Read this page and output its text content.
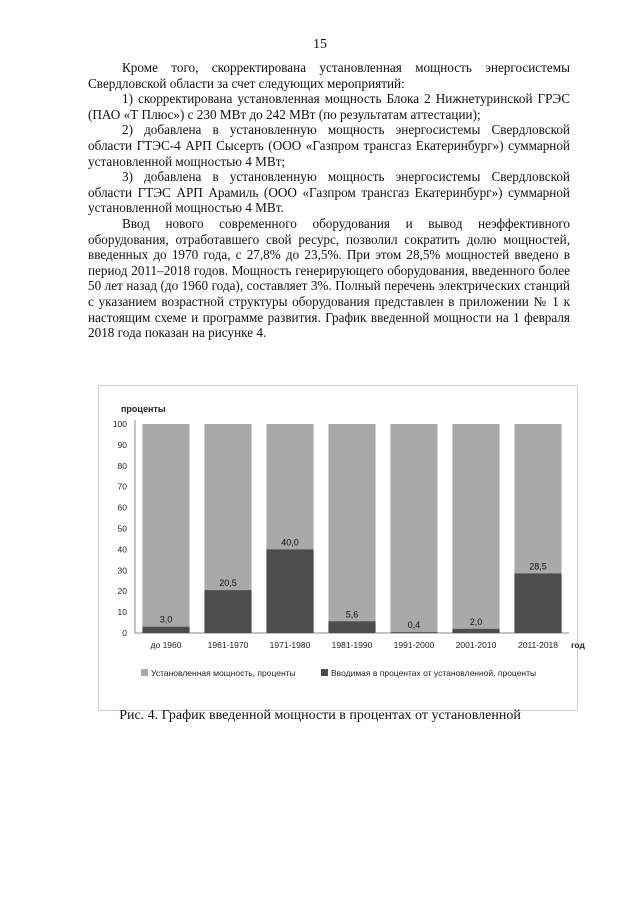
15

Кроме того, скорректирована установленная мощность энергосистемы Свердловской области за счет следующих мероприятий:

1) скорректирована установленная мощность Блока 2 Нижнетуринской ГРЭС (ПАО «Т Плюс») с 230 МВт до 242 МВт (по результатам аттестации);

2) добавлена в установленную мощность энергосистемы Свердловской области ГТЭС-4 АРП Сысерть (ООО «Газпром трансгаз Екатеринбург») суммарной установленной мощностью 4 МВт;

3) добавлена в установленную мощность энергосистемы Свердловской области ГТЭС АРП Арамиль (ООО «Газпром трансгаз Екатеринбург») суммарной установленной мощностью 4 МВт.

Ввод нового современного оборудования и вывод неэффективного оборудования, отработавшего свой ресурс, позволил сократить долю мощностей, введенных до 1970 года, с 27,8% до 23,5%. При этом 28,5% мощностей введено в период 2011–2018 годов. Мощность генерирующего оборудования, введенного более 50 лет назад (до 1960 года), составляет 3%. Полный перечень электрических станций с указанием возрастной структуры оборудования представлен в приложении № 1 к настоящим схеме и программе развития. График введенной мощности на 1 февраля 2018 года показан на рисунке 4.

проценты
0
10
20
30
40
50
60
70
80
90
100
3,0
до 1960
20,5
1961-1970
40,0
1971-1980
5,6
1981-1990
0,4
1991-2000
2,0
2001-2010
28,5
2011-2018 год
Установленная мощность, проценты	Вводимая в процентах от установленной, проценты
Рис. 4. График введенной мощности в процентах от установленной
